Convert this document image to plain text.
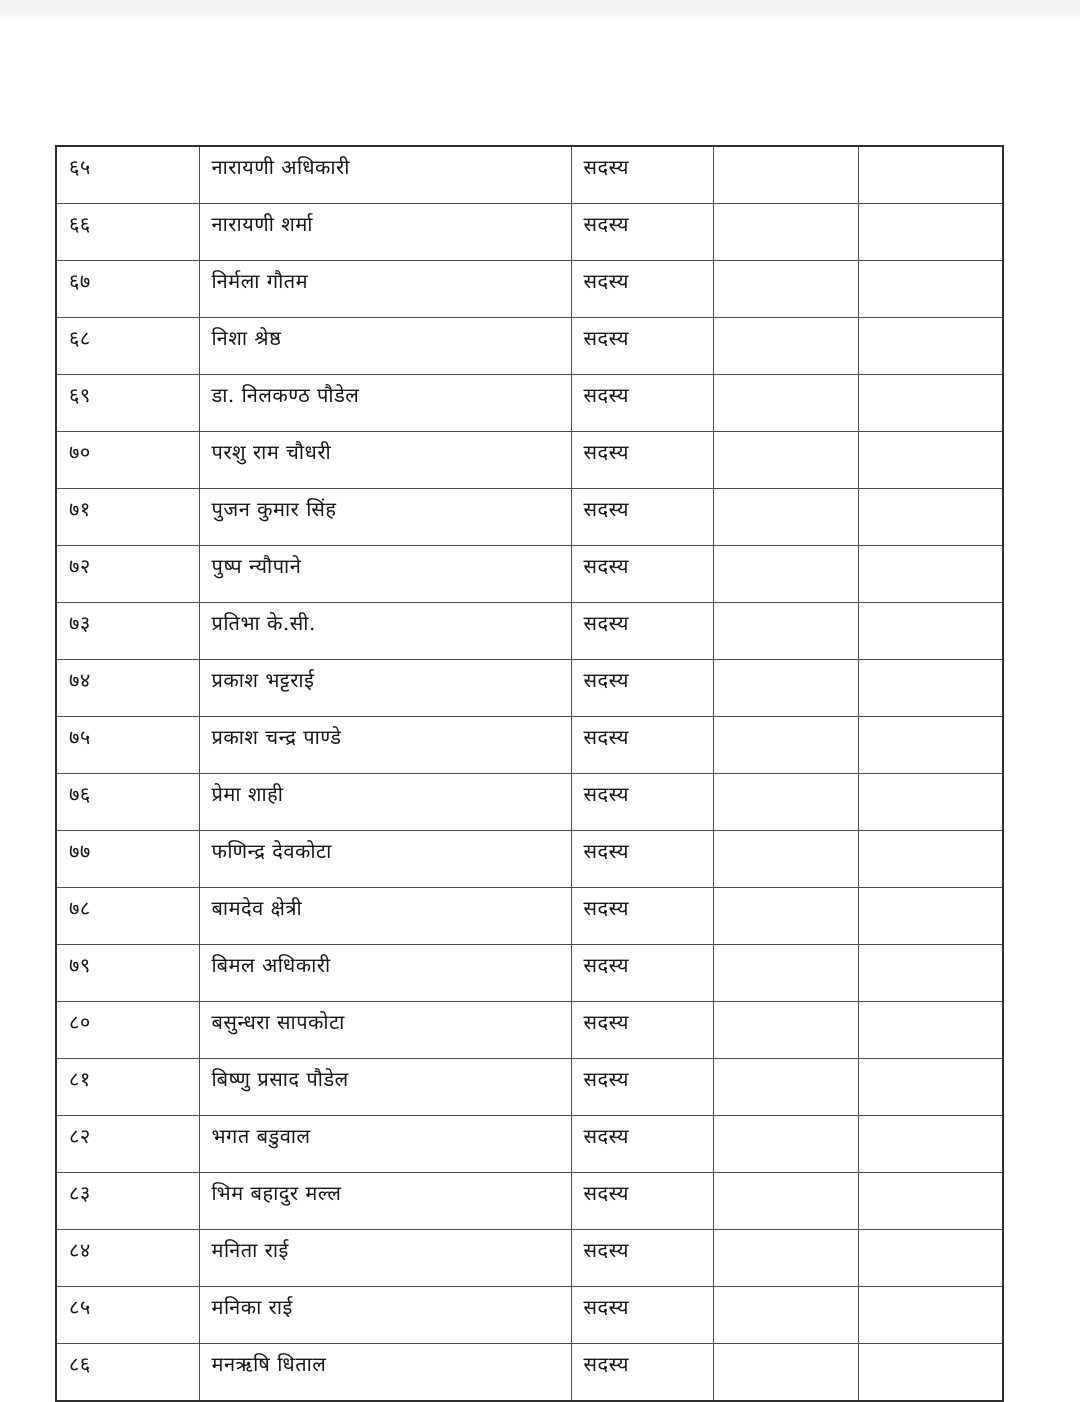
६५	नारायणी अधिकारी	सदस्य		
६६	नारायणी शर्मा	सदस्य		
६७	निर्मला गौतम	सदस्य		
६८	निशा श्रेष्ठ	सदस्य		
६९	डा. निलकण्ठ पौडेल	सदस्य		
७०	परशु राम चौधरी	सदस्य		
७१	पुजन कुमार सिंह	सदस्य		
७२	पुष्प न्यौपाने	सदस्य		
७३	प्रतिभा के.सी.	सदस्य		
७४	प्रकाश भट्टराई	सदस्य		
७५	प्रकाश चन्द्र पाण्डे	सदस्य		
७६	प्रेमा शाही	सदस्य		
७७	फणिन्द्र देवकोटा	सदस्य		
७८	बामदेव क्षेत्री	सदस्य		
७९	बिमल अधिकारी	सदस्य		
८०	बसुन्धरा सापकोटा	सदस्य		
८१	बिष्णु प्रसाद पौडेल	सदस्य		
८२	भगत बडुवाल	सदस्य		
८३	भिम बहादुर मल्ल	सदस्य		
८४	मनिता राई	सदस्य		
८५	मनिका राई	सदस्य		
८६	मनऋषि धिताल	सदस्य		
